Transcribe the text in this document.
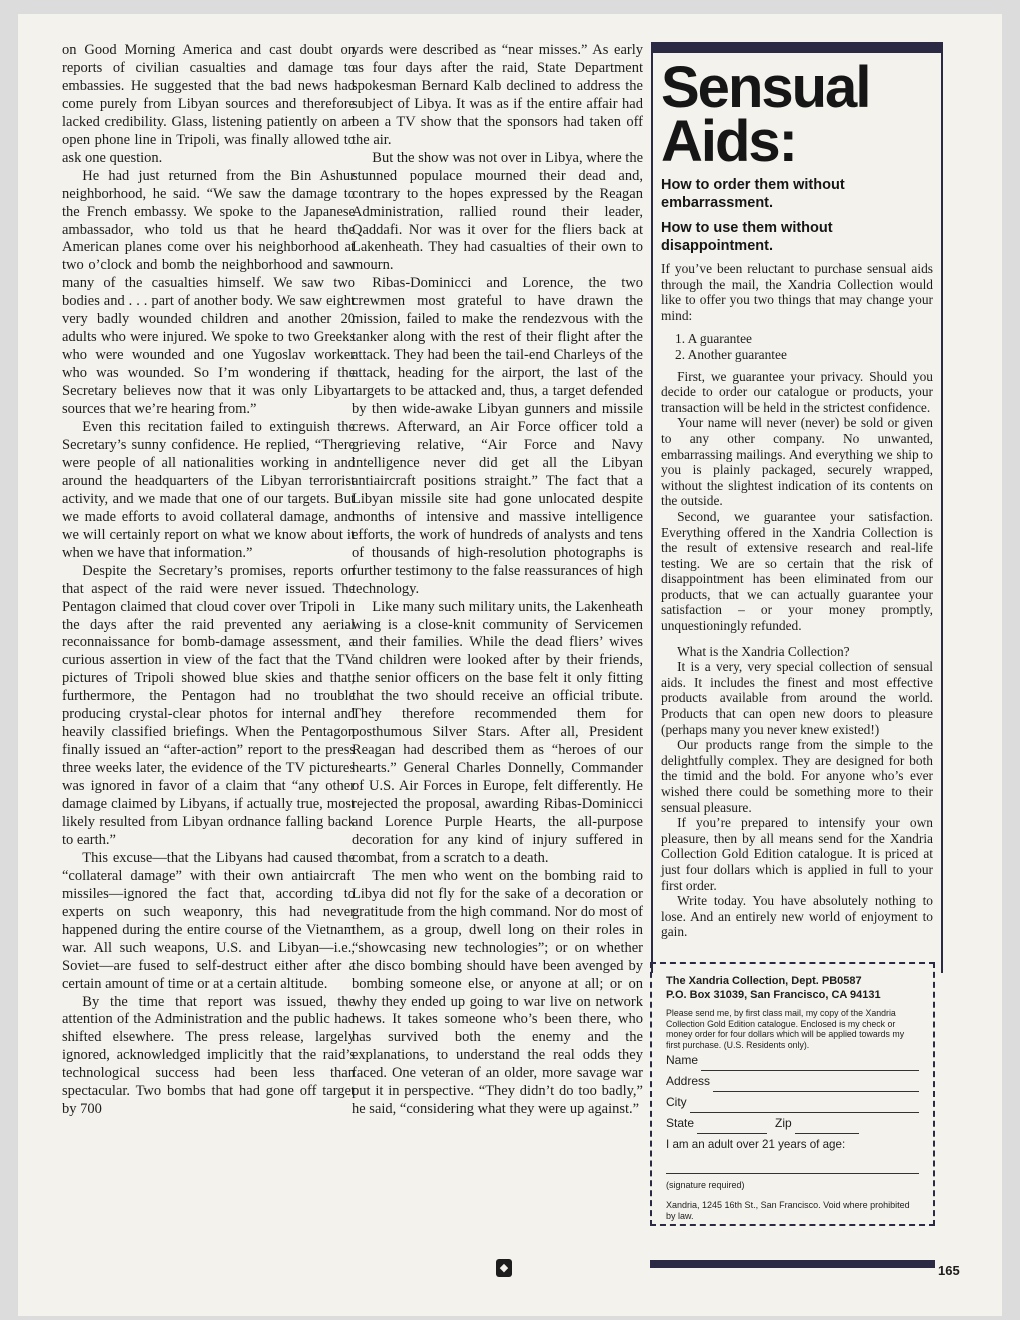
on Good Morning America and cast doubt on reports of civilian casualties and damage to embassies. He suggested that the bad news had come purely from Libyan sources and therefore lacked credibility. Glass, listening patiently on an open phone line in Tripoli, was finally allowed to ask one question.

He had just returned from the Bin Ashur neighborhood, he said. “We saw the damage to the French embassy. We spoke to the Japanese ambassador, who told us that he heard the American planes come over his neighborhood at two o’clock and bomb the neighborhood and saw many of the casualties himself. We saw two bodies and . . . part of another body. We saw eight very badly wounded children and another 20 adults who were injured. We spoke to two Greeks who were wounded and one Yugoslav worker who was wounded. So I’m wondering if the Secretary believes now that it was only Libyan sources that we’re hearing from.”

Even this recitation failed to extinguish the Secretary’s sunny confidence. He replied, “There were people of all nationalities working in and around the headquarters of the Libyan terrorist activity, and we made that one of our targets. But we made efforts to avoid collateral damage, and we will certainly report on what we know about it when we have that information.”

Despite the Secretary’s promises, reports on that aspect of the raid were never issued. The Pentagon claimed that cloud cover over Tripoli in the days after the raid prevented any aerial reconnaissance for bomb-damage assessment, a curious assertion in view of the fact that the TV pictures of Tripoli showed blue skies and that, furthermore, the Pentagon had no trouble producing crystal-clear photos for internal and heavily classified briefings. When the Pentagon finally issued an “after-action” report to the press three weeks later, the evidence of the TV pictures was ignored in favor of a claim that “any other damage claimed by Libyans, if actually true, most likely resulted from Libyan ordnance falling back to earth.”

This excuse—that the Libyans had caused the “collateral damage” with their own antiaircraft missiles—ignored the fact that, according to experts on such weaponry, this had never happened during the entire course of the Vietnam war. All such weapons, U.S. and Libyan—i.e., Soviet—are fused to self-destruct either after a certain amount of time or at a certain altitude.

By the time that report was issued, the attention of the Administration and the public had shifted elsewhere. The press release, largely ignored, acknowledged implicitly that the raid’s technological success had been less than spectacular. Two bombs that had gone off target by 700

yards were described as “near misses.” As early as four days after the raid, State Department spokesman Bernard Kalb declined to address the subject of Libya. It was as if the entire affair had been a TV show that the sponsors had taken off the air.

But the show was not over in Libya, where the stunned populace mourned their dead and, contrary to the hopes expressed by the Reagan Administration, rallied round their leader, Qaddafi. Nor was it over for the fliers back at Lakenheath. They had casualties of their own to mourn.

Ribas-Dominicci and Lorence, the two crewmen most grateful to have drawn the mission, failed to make the rendezvous with the tanker along with the rest of their flight after the attack. They had been the tail-end Charleys of the attack, heading for the airport, the last of the targets to be attacked and, thus, a target defended by then wide-awake Libyan gunners and missile crews. Afterward, an Air Force officer told a grieving relative, “Air Force and Navy intelligence never did get all the Libyan antiaircraft positions straight.” The fact that a Libyan missile site had gone unlocated despite months of intensive and massive intelligence efforts, the work of hundreds of analysts and tens of thousands of high-resolution photographs is further testimony to the false reassurances of high technology.

Like many such military units, the Lakenheath wing is a close-knit community of Servicemen and their families. While the dead fliers’ wives and children were looked after by their friends, the senior officers on the base felt it only fitting that the two should receive an official tribute. They therefore recommended them for posthumous Silver Stars. After all, President Reagan had described them as “heroes of our hearts.” General Charles Donnelly, Commander of U.S. Air Forces in Europe, felt differently. He rejected the proposal, awarding Ribas-Dominicci and Lorence Purple Hearts, the all-purpose decoration for any kind of injury suffered in combat, from a scratch to a death.

The men who went on the bombing raid to Libya did not fly for the sake of a decoration or gratitude from the high command. Nor do most of them, as a group, dwell long on their roles in “showcasing new technologies”; or on whether the disco bombing should have been avenged by bombing someone else, or anyone at all; or on why they ended up going to war live on network news. It takes someone who’s been there, who has survived both the enemy and the explanations, to understand the real odds they faced. One veteran of an older, more savage war put it in perspective. “They didn’t do too badly,” he said, “considering what they were up against.”

◆
Sensual
Aids:
How to order them without embarrassment.
How to use them without disappointment.

If you’ve been reluctant to purchase sensual aids through the mail, the Xandria Collection would like to offer you two things that may change your mind:

1. A guarantee
2. Another guarantee

First, we guarantee your privacy. Should you decide to order our catalogue or products, your transaction will be held in the strictest confidence.

Your name will never (never) be sold or given to any other company. No unwanted, embarrassing mailings. And everything we ship to you is plainly packaged, securely wrapped, without the slightest indication of its contents on the outside.

Second, we guarantee your satisfaction. Everything offered in the Xandria Collection is the result of extensive research and real-life testing. We are so certain that the risk of disappointment has been eliminated from our products, that we can actually guarantee your satisfaction – or your money promptly, unquestioningly refunded.

What is the Xandria Collection?

It is a very, very special collection of sensual aids. It includes the finest and most effective products available from around the world. Products that can open new doors to pleasure (perhaps many you never knew existed!)

Our products range from the simple to the delightfully complex. They are designed for both the timid and the bold. For anyone who’s ever wished there could be something more to their sensual pleasure.

If you’re prepared to intensify your own pleasure, then by all means send for the Xandria Collection Gold Edition catalogue. It is priced at just four dollars which is applied in full to your first order.

Write today. You have absolutely nothing to lose. And an entirely new world of enjoyment to gain.

The Xandria Collection, Dept. PB0587
P.O. Box 31039, San Francisco, CA 94131
Please send me, by first class mail, my copy of the Xandria Collection Gold Edition catalogue. Enclosed is my check or money order for four dollars which will be applied towards my first purchase. (U.S. Residents only).
Name
Address
City
State	Zip
I am an adult over 21 years of age:
(signature required)
Xandria, 1245 16th St., San Francisco. Void where prohibited by law.
165
